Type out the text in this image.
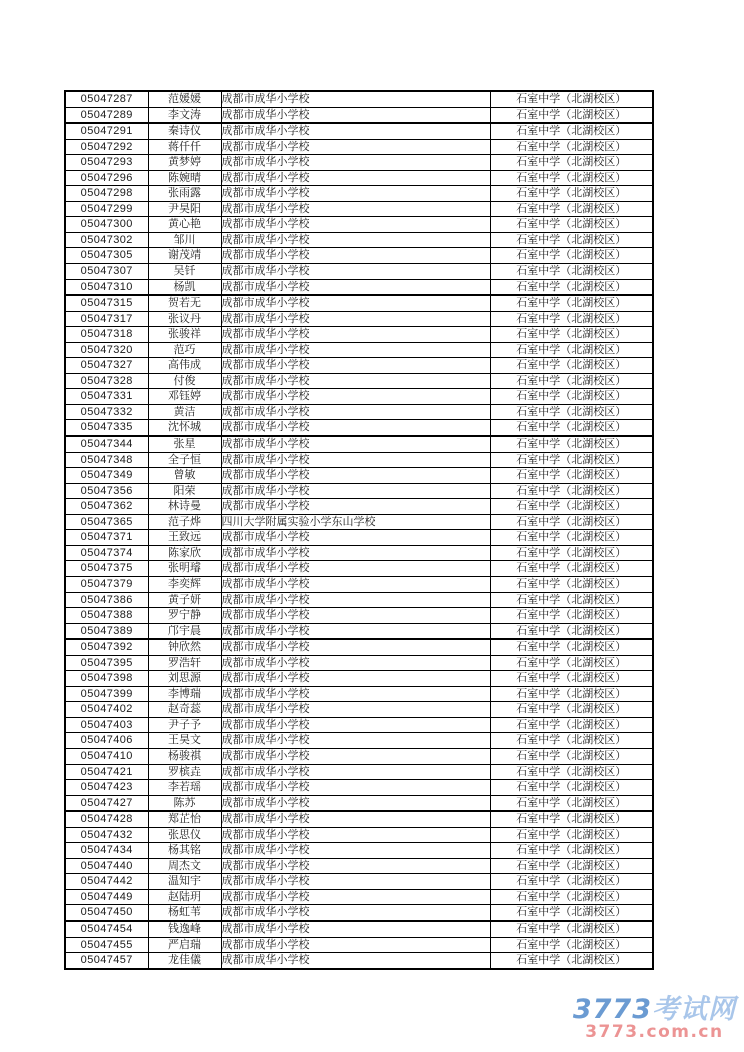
05047287	范媛媛	成都市成华小学校	石室中学（北湖校区）
05047289	李文涛	成都市成华小学校	石室中学（北湖校区）
05047291	秦诗仪	成都市成华小学校	石室中学（北湖校区）
05047292	蒋仟仟	成都市成华小学校	石室中学（北湖校区）
05047293	黄梦婷	成都市成华小学校	石室中学（北湖校区）
05047296	陈婉晴	成都市成华小学校	石室中学（北湖校区）
05047298	张雨露	成都市成华小学校	石室中学（北湖校区）
05047299	尹昊阳	成都市成华小学校	石室中学（北湖校区）
05047300	黄心艳	成都市成华小学校	石室中学（北湖校区）
05047302	邹川	成都市成华小学校	石室中学（北湖校区）
05047305	谢茂靖	成都市成华小学校	石室中学（北湖校区）
05047307	吴钎	成都市成华小学校	石室中学（北湖校区）
05047310	杨凯	成都市成华小学校	石室中学（北湖校区）
05047315	贺若无	成都市成华小学校	石室中学（北湖校区）
05047317	张议丹	成都市成华小学校	石室中学（北湖校区）
05047318	张骏祥	成都市成华小学校	石室中学（北湖校区）
05047320	范巧	成都市成华小学校	石室中学（北湖校区）
05047327	高伟成	成都市成华小学校	石室中学（北湖校区）
05047328	付俊	成都市成华小学校	石室中学（北湖校区）
05047331	邓钰婷	成都市成华小学校	石室中学（北湖校区）
05047332	黄洁	成都市成华小学校	石室中学（北湖校区）
05047335	沈怀城	成都市成华小学校	石室中学（北湖校区）
05047344	张星	成都市成华小学校	石室中学（北湖校区）
05047348	全子恒	成都市成华小学校	石室中学（北湖校区）
05047349	曾敏	成都市成华小学校	石室中学（北湖校区）
05047356	阳荣	成都市成华小学校	石室中学（北湖校区）
05047362	林诗曼	成都市成华小学校	石室中学（北湖校区）
05047365	范子烨	四川大学附属实验小学东山学校	石室中学（北湖校区）
05047371	王致远	成都市成华小学校	石室中学（北湖校区）
05047374	陈家欣	成都市成华小学校	石室中学（北湖校区）
05047375	张明璿	成都市成华小学校	石室中学（北湖校区）
05047379	李奕辉	成都市成华小学校	石室中学（北湖校区）
05047386	黄子妍	成都市成华小学校	石室中学（北湖校区）
05047388	罗宁静	成都市成华小学校	石室中学（北湖校区）
05047389	邝宇晨	成都市成华小学校	石室中学（北湖校区）
05047392	钟欣然	成都市成华小学校	石室中学（北湖校区）
05047395	罗浩轩	成都市成华小学校	石室中学（北湖校区）
05047398	刘思源	成都市成华小学校	石室中学（北湖校区）
05047399	李博瑞	成都市成华小学校	石室中学（北湖校区）
05047402	赵奇蕊	成都市成华小学校	石室中学（北湖校区）
05047403	尹子予	成都市成华小学校	石室中学（北湖校区）
05047406	王昊文	成都市成华小学校	石室中学（北湖校区）
05047410	杨骏祺	成都市成华小学校	石室中学（北湖校区）
05047421	罗槟垚	成都市成华小学校	石室中学（北湖校区）
05047423	李若瑶	成都市成华小学校	石室中学（北湖校区）
05047427	陈苏	成都市成华小学校	石室中学（北湖校区）
05047428	郑芷怡	成都市成华小学校	石室中学（北湖校区）
05047432	张思仪	成都市成华小学校	石室中学（北湖校区）
05047434	杨其铭	成都市成华小学校	石室中学（北湖校区）
05047440	周杰文	成都市成华小学校	石室中学（北湖校区）
05047442	温知宇	成都市成华小学校	石室中学（北湖校区）
05047449	赵陆玥	成都市成华小学校	石室中学（北湖校区）
05047450	杨虹苇	成都市成华小学校	石室中学（北湖校区）
05047454	钱逸峰	成都市成华小学校	石室中学（北湖校区）
05047455	严启瑞	成都市成华小学校	石室中学（北湖校区）
05047457	龙佳儀	成都市成华小学校	石室中学（北湖校区）
3773考试网
3773.com.cn
